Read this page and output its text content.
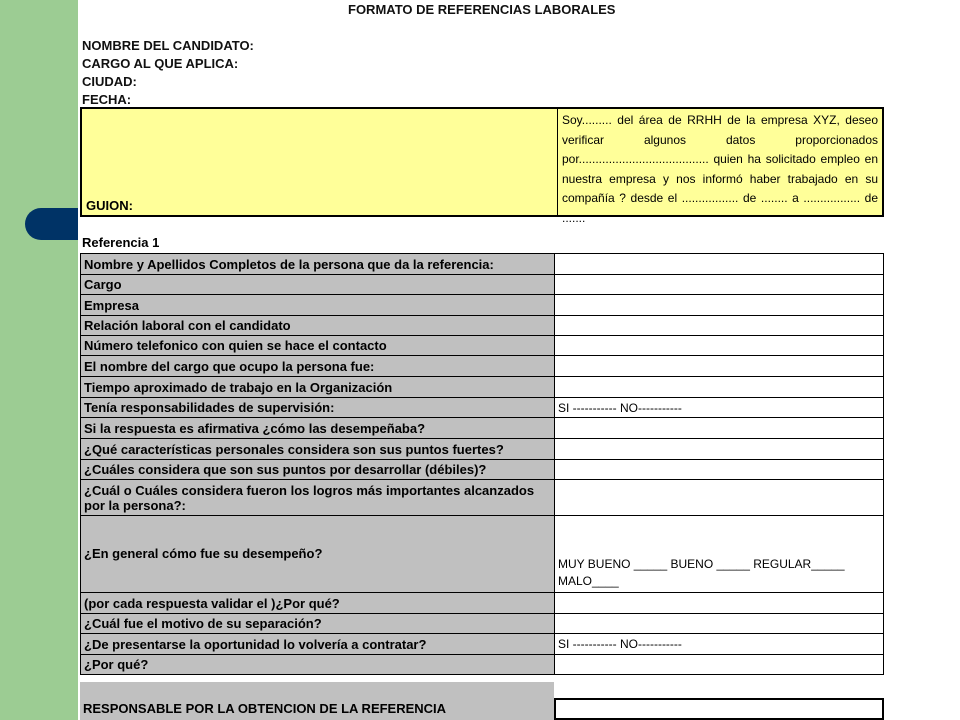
FORMATO DE REFERENCIAS LABORALES
NOMBRE DEL CANDIDATO:
CARGO AL QUE APLICA:
CIUDAD:
FECHA:
GUION:
Soy......... del área de RRHH de la empresa XYZ, deseo verificar algunos datos proporcionados por....................................... quien ha solicitado empleo en nuestra empresa y nos informó haber trabajado en su compañía ? desde el ................. de ........ a ................. de .......
Referencia 1
Nombre y Apellidos Completos de la persona que da la referencia:	
Cargo	
Empresa	
Relación laboral con el candidato	
Número telefonico con quien se hace el contacto	
El nombre del cargo que ocupo la persona fue:	
Tiempo aproximado de trabajo en la Organización	
Tenía responsabilidades de supervisión:	SI ----------- NO-----------
Si la respuesta es afirmativa ¿cómo las desempeñaba?	
¿Qué características personales considera son sus puntos fuertes?	
¿Cuáles considera que son sus puntos por desarrollar (débiles)?	
¿Cuál o Cuáles considera fueron los logros más importantes alcanzados por la persona?:	
¿En general cómo fue su desempeño?	MUY BUENO _____ BUENO _____ REGULAR_____ MALO____
(por cada respuesta validar el )¿Por qué?	
¿Cuál fue el motivo de su separación?	
¿De presentarse la oportunidad lo volvería a contratar?	SI ----------- NO-----------
¿Por qué?	
RESPONSABLE POR LA OBTENCION DE LA REFERENCIA
